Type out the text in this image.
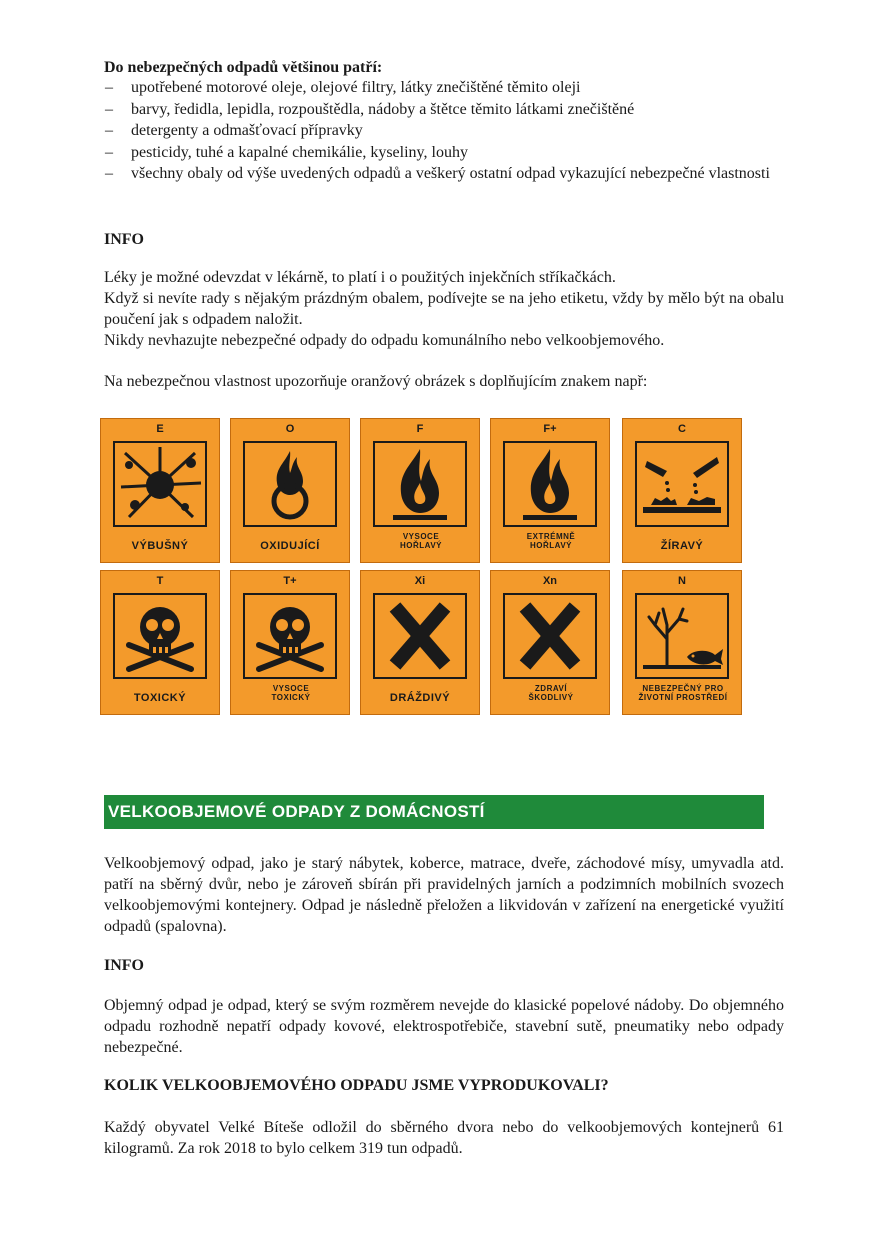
Do nebezpečných odpadů většinou patří:

– upotřebené motorové oleje, olejové filtry, látky znečištěné těmito oleji
– barvy, ředidla, lepidla, rozpouštědla, nádoby a štětce těmito látkami znečištěné
– detergenty a odmašťovací přípravky
– pesticidy, tuhé a kapalné chemikálie, kyseliny, louhy
– všechny obaly od výše uvedených odpadů a veškerý ostatní odpad vykazující nebezpečné vlastnosti

INFO

Léky je možné odevzdat v lékárně, to platí i o použitých injekčních stříkačkách.

Když si nevíte rady s nějakým prázdným obalem, podívejte se na jeho etiketu, vždy by mělo být na obalu poučení jak s odpadem naložit.

Nikdy nevhazujte nebezpečné odpady do odpadu komunálního nebo velkoobjemového.

Na nebezpečnou vlastnost upozorňuje oranžový obrázek s doplňujícím znakem např:

E
VÝBUŠNÝ
O
OXIDUJÍCÍ
F
VYSOCE HOŘLAVÝ
F+
EXTRÉMNĚ HOŘLAVÝ
C
ŽÍRAVÝ
T
TOXICKÝ
T+
VYSOCE TOXICKÝ
Xi
DRÁŽDIVÝ
Xn
ZDRAVÍ ŠKODLIVÝ
N
NEBEZPEČNÝ PRO ŽIVOTNÍ PROSTŘEDÍ
VELKOOBJEMOVÉ ODPADY Z DOMÁCNOSTÍ

Velkoobjemový odpad, jako je starý nábytek, koberce, matrace, dveře, záchodové mísy, umyvadla atd. patří na sběrný dvůr, nebo je zároveň sbírán při pravidelných jarních a podzimních mobilních svozech velkoobjemovými kontejnery. Odpad je následně přeložen a likvidován v zařízení na energetické využití odpadů (spalovna).

INFO

Objemný odpad je odpad, který se svým rozměrem nevejde do klasické popelové nádoby. Do objemného odpadu rozhodně nepatří odpady kovové, elektrospotřebiče, stavební sutě, pneumatiky nebo odpady nebezpečné.

KOLIK VELKOOBJEMOVÉHO ODPADU JSME VYPRODUKOVALI?

Každý obyvatel Velké Bíteše odložil do sběrného dvora nebo do velkoobjemových kontejnerů 61 kilogramů. Za rok 2018 to bylo celkem 319 tun odpadů.
